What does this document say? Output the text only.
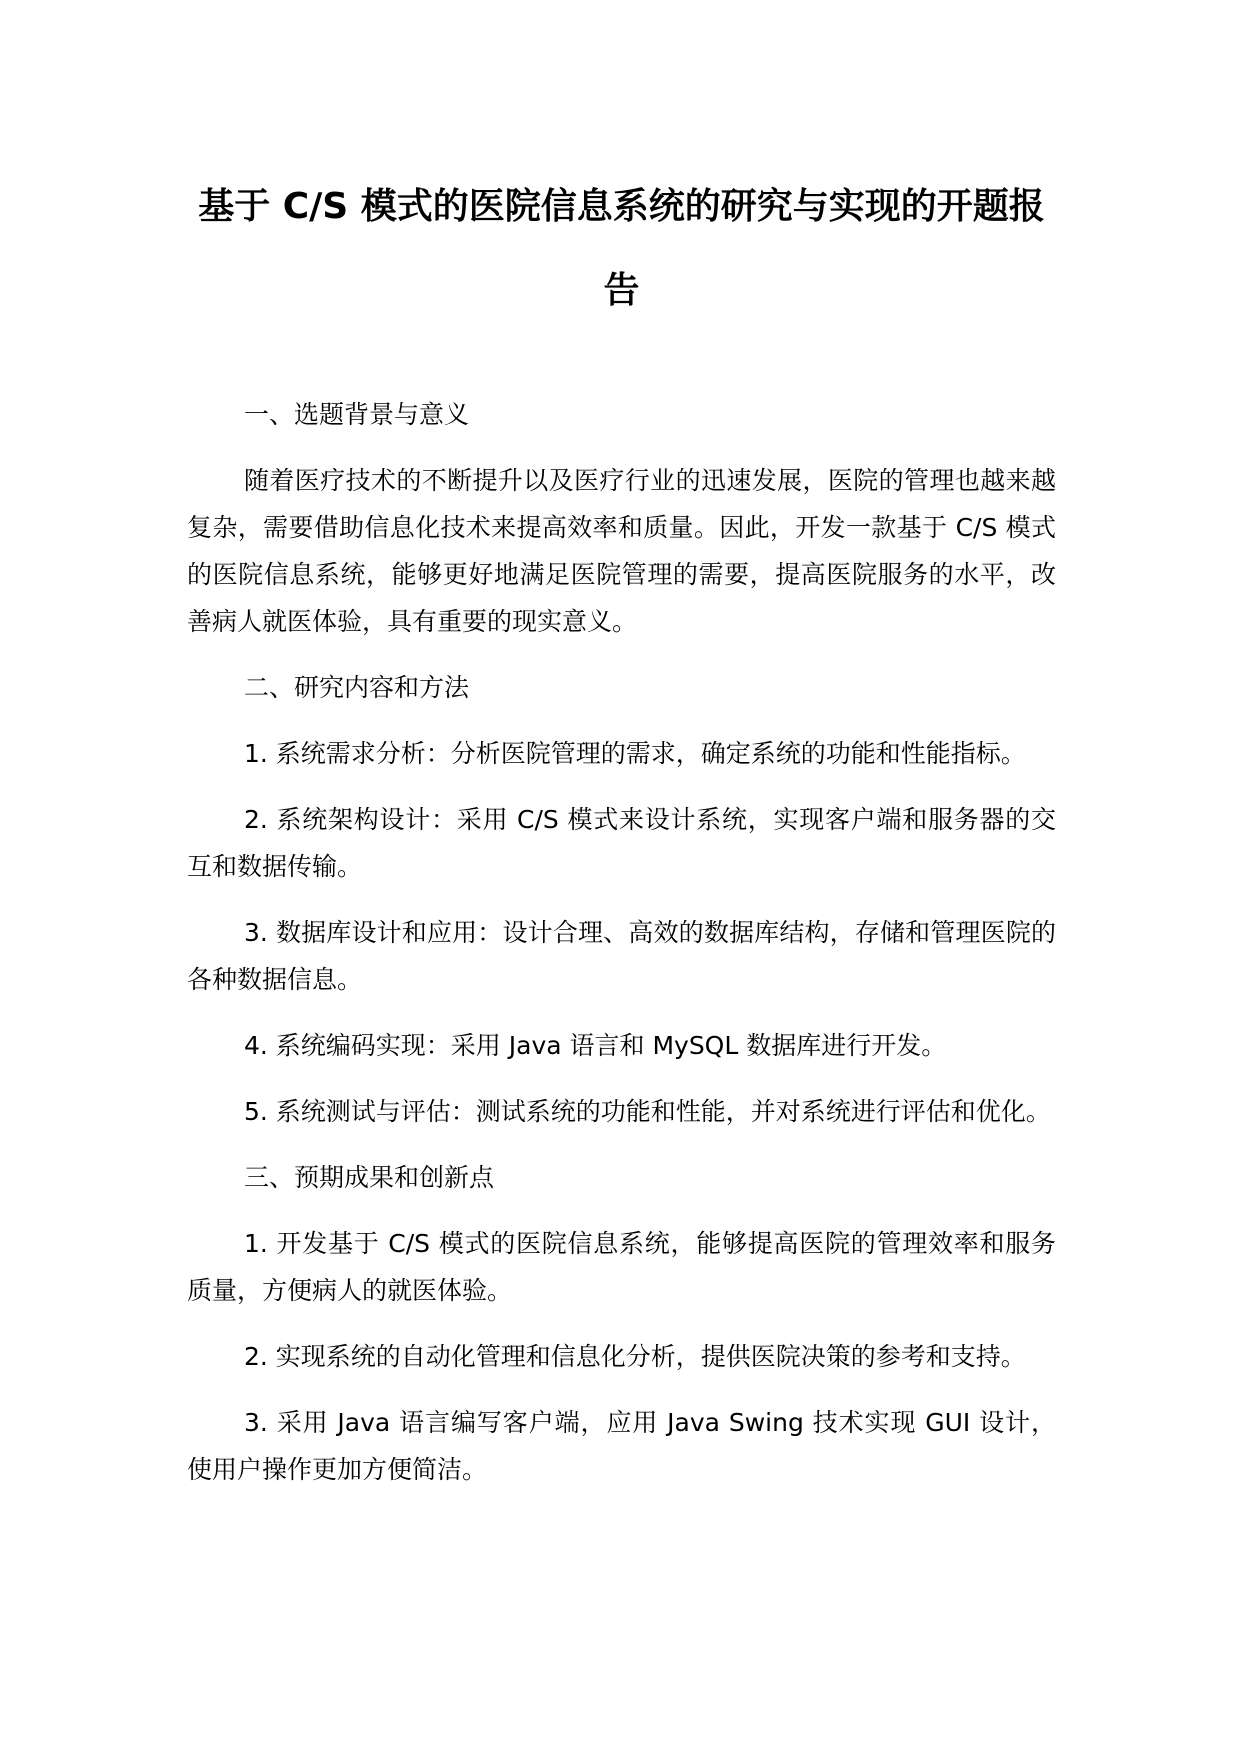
基于 C/S 模式的医院信息系统的研究与实现的开题报告

一、选题背景与意义

随着医疗技术的不断提升以及医疗行业的迅速发展，医院的管理也越来越复杂，需要借助信息化技术来提高效率和质量。因此，开发一款基于 C/S 模式的医院信息系统，能够更好地满足医院管理的需要，提高医院服务的水平，改善病人就医体验，具有重要的现实意义。

二、研究内容和方法

1. 系统需求分析：分析医院管理的需求，确定系统的功能和性能指标。

2. 系统架构设计：采用 C/S 模式来设计系统，实现客户端和服务器的交互和数据传输。

3. 数据库设计和应用：设计合理、高效的数据库结构，存储和管理医院的各种数据信息。

4. 系统编码实现：采用 Java 语言和 MySQL 数据库进行开发。

5. 系统测试与评估：测试系统的功能和性能，并对系统进行评估和优化。

三、预期成果和创新点

1. 开发基于 C/S 模式的医院信息系统，能够提高医院的管理效率和服务质量，方便病人的就医体验。

2. 实现系统的自动化管理和信息化分析，提供医院决策的参考和支持。

3. 采用 Java 语言编写客户端，应用 Java Swing 技术实现 GUI 设计，使用户操作更加方便简洁。
